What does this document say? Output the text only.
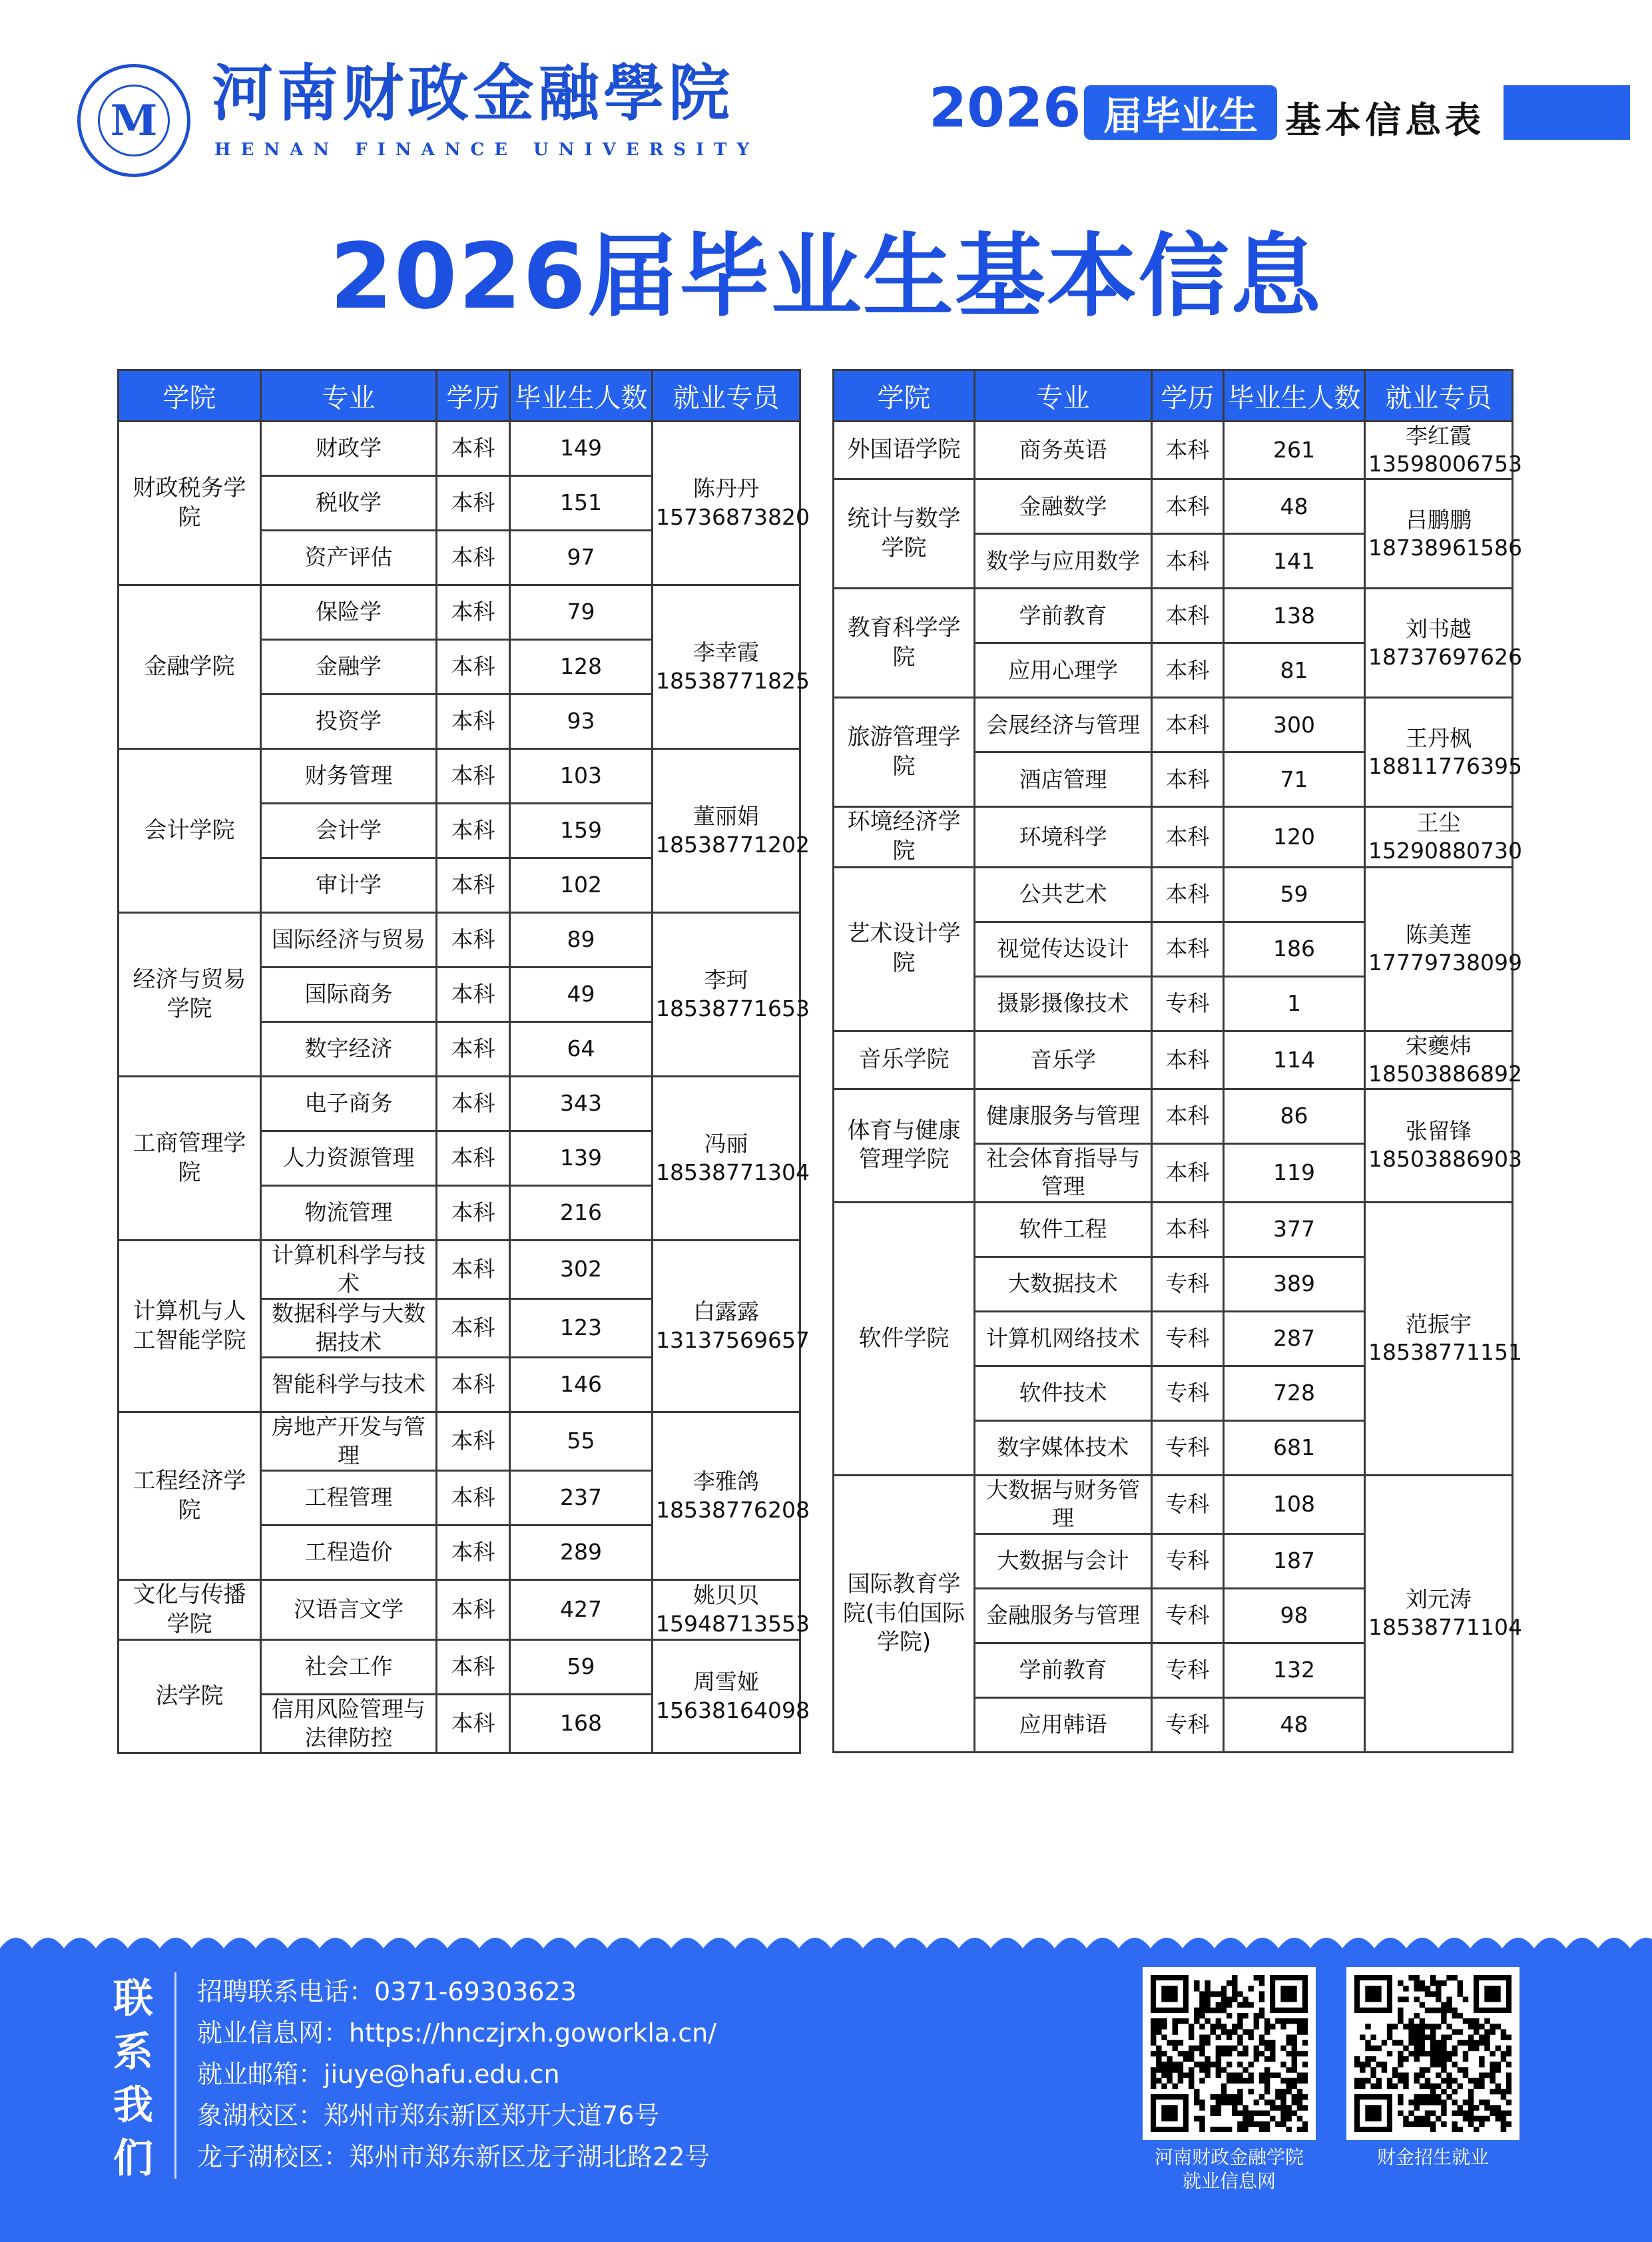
M 河南财政金融學院
HENAN FINANCE UNIVERSITY
2026 届毕业生 基本信息表
2026届毕业生基本信息
学院	专业	学历	毕业生人数	就业专员
财政税务学院	财政学	本科	149	陈丹丹
15736873820

	税收学	本科	151	
	资产评估	本科	97	
金融学院	保险学	本科	79	李幸霞
18538771825

	金融学	本科	128	
	投资学	本科	93	
会计学院	财务管理	本科	103	董丽娟
18538771202

	会计学	本科	159	
	审计学	本科	102	
经济与贸易学院	国际经济与贸易	本科	89	李珂
18538771653

	国际商务	本科	49	
	数字经济	本科	64	
工商管理学院	电子商务	本科	343	冯丽
18538771304

	人力资源管理	本科	139	
	物流管理	本科	216	
计算机与人工智能学院	计算机科学与技术	本科	302	白露露
13137569657

	数据科学与大数据技术	本科	123	
	智能科学与技术	本科	146	
工程经济学院	房地产开发与管理	本科	55	李雅鸽
18538776208

	工程管理	本科	237	
	工程造价	本科	289	
文化与传播学院	汉语言文学	本科	427	姚贝贝
15948713553

法学院	社会工作	本科	59	周雪娅
15638164098

	信用风险管理与法律防控	本科	168	
学院	专业	学历	毕业生人数	就业专员
外国语学院	商务英语	本科	261	李红霞
13598006753

统计与数学学院	金融数学	本科	48	吕鹏鹏
18738961586

	数学与应用数学	本科	141	
教育科学学院	学前教育	本科	138	刘书越
18737697626

	应用心理学	本科	81	
旅游管理学院	会展经济与管理	本科	300	王丹枫
18811776395

	酒店管理	本科	71	
环境经济学院	环境科学	本科	120	王尘
15290880730

艺术设计学院	公共艺术	本科	59	陈美莲
17779738099

	视觉传达设计	本科	186	
	摄影摄像技术	专科	1	
音乐学院	音乐学	本科	114	宋夔炜
18503886892

体育与健康管理学院	健康服务与管理	本科	86	张留锋
18503886903

	社会体育指导与管理	本科	119	
软件学院	软件工程	本科	377	范振宇
18538771151

	大数据技术	专科	389	
	计算机网络技术	专科	287	
	软件技术	专科	728	
	数字媒体技术	专科	681	
国际教育学院(韦伯国际学院)	大数据与财务管理	专科	108	刘元涛
18538771104

	大数据与会计	专科	187	
	金融服务与管理	专科	98	
	学前教育	专科	132	
	应用韩语	专科	48	
联系我们
招聘联系电话：0371-69303623
就业信息网：https://hnczjrxh.goworkla.cn/
就业邮箱：jiuye@hafu.edu.cn
象湖校区：郑州市郑东新区郑开大道76号
龙子湖校区：郑州市郑东新区龙子湖北路22号	河南财政金融学院
就业信息网
财金招生就业
